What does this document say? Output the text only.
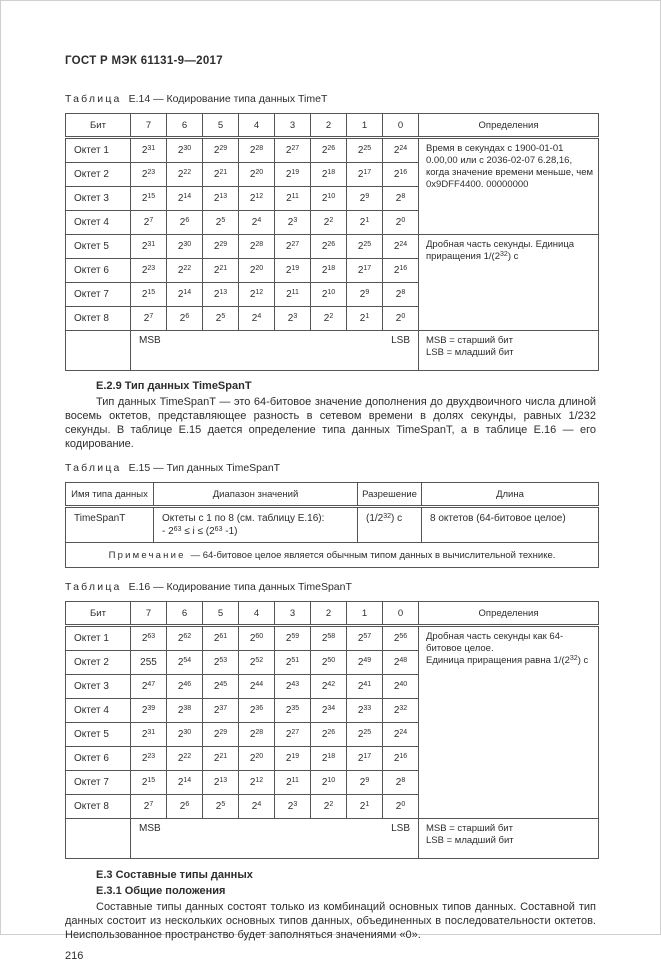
ГОСТ Р МЭК 61131-9—2017

Таблица Е.14 — Кодирование типа данных TimeT

Бит	7	6	5	4	3	2	1	0	Определения
Октет 1	$2^{31}$	$2^{30}$	$2^{29}$	$2^{28}$	$2^{27}$	$2^{26}$	$2^{25}$	$2^{24}$	Время в секундах с 1900-01-01 0.00,00 или с 2036-02-07 6.28,16, когда значение времени меньше, чем 0x9DFF4400. 00000000

Октет 2	$2^{23}$	$2^{22}$	$2^{21}$	$2^{20}$	$2^{19}$	$2^{18}$	$2^{17}$	$2^{16}$
Октет 3	$2^{15}$	$2^{14}$	$2^{13}$	$2^{12}$	$2^{11}$	$2^{10}$	$2^9$	$2^8$
Октет 4	$2^7$	$2^6$	$2^5$	$2^4$	$2^3$	$2^2$	$2^1$	$2^0$
Октет 5	$2^{31}$	$2^{30}$	$2^{29}$	$2^{28}$	$2^{27}$	$2^{26}$	$2^{25}$	$2^{24}$	Дробная часть секунды. Единица приращения $1/(2^{32})$ с

Октет 6	$2^{23}$	$2^{22}$	$2^{21}$	$2^{20}$	$2^{19}$	$2^{18}$	$2^{17}$	$2^{16}$
Октет 7	$2^{15}$	$2^{14}$	$2^{13}$	$2^{12}$	$2^{11}$	$2^{10}$	$2^9$	$2^8$
Октет 8	$2^7$	$2^6$	$2^5$	$2^4$	$2^3$	$2^2$	$2^1$	$2^0$

MSB	LSB	MSB = старший бит
LSB = младший бит
Е.2.9 Тип данных TimeSpanT

Тип данных TimeSpanT — это 64-битовое значение дополнения до двухдвоичного числа длиной восемь октетов, представляющее разность в сетевом времени в долях секунды, равных 1/232 секунды. В таблице Е.15 дается определение типа данных TimeSpanT, а в таблице Е.16 — его кодирование.

Таблица Е.15 — Тип данных TimeSpanT

Имя типа данных	Диапазон значений	Разрешение	Длина
TimeSpanT	Октеты с 1 по 8 (см. таблицу Е.16):
- $2^{63} \le i \le (2^{63}$ -1)	$(1/2^{32})$ с	8 октетов (64-битовое целое)
Примечание — 64-битовое целое является обычным типом данных в вычислительной технике.			

Таблица Е.16 — Кодирование типа данных TimeSpanT

Бит	7	6	5	4	3	2	1	0	Определения
Октет 1	$2^{63}$	$2^{62}$	$2^{61}$	$2^{60}$	$2^{59}$	$2^{58}$	$2^{57}$	$2^{56}$	Дробная часть секунды как 64-битовое целое.
Единица приращения равна $1/(2^{32})$ с

Октет 2	255	$2^{54}$	$2^{53}$	$2^{52}$	$2^{51}$	$2^{50}$	$2^{49}$	$2^{48}$
Октет 3	$2^{47}$	$2^{46}$	$2^{45}$	$2^{44}$	$2^{43}$	$2^{42}$	$2^{41}$	$2^{40}$
Октет 4	$2^{39}$	$2^{38}$	$2^{37}$	$2^{36}$	$2^{35}$	$2^{34}$	$2^{33}$	$2^{32}$
Октет 5	$2^{31}$	$2^{30}$	$2^{29}$	$2^{28}$	$2^{27}$	$2^{26}$	$2^{25}$	$2^{24}$
Октет 6	$2^{23}$	$2^{22}$	$2^{21}$	$2^{20}$	$2^{19}$	$2^{18}$	$2^{17}$	$2^{16}$
Октет 7	$2^{15}$	$2^{14}$	$2^{13}$	$2^{12}$	$2^{11}$	$2^{10}$	$2^9$	$2^8$
Октет 8	$2^7$	$2^6$	$2^5$	$2^4$	$2^3$	$2^2$	$2^1$	$2^0$

MSB	LSB	MSB = старший бит
LSB = младший бит
Е.3 Составные типы данных
Е.3.1 Общие положения

Составные типы данных состоят только из комбинаций основных типов данных. Составной тип данных состоит из нескольких основных типов данных, объединенных в последовательности октетов. Неиспользованное пространство будет заполняться значениями «0».

216
